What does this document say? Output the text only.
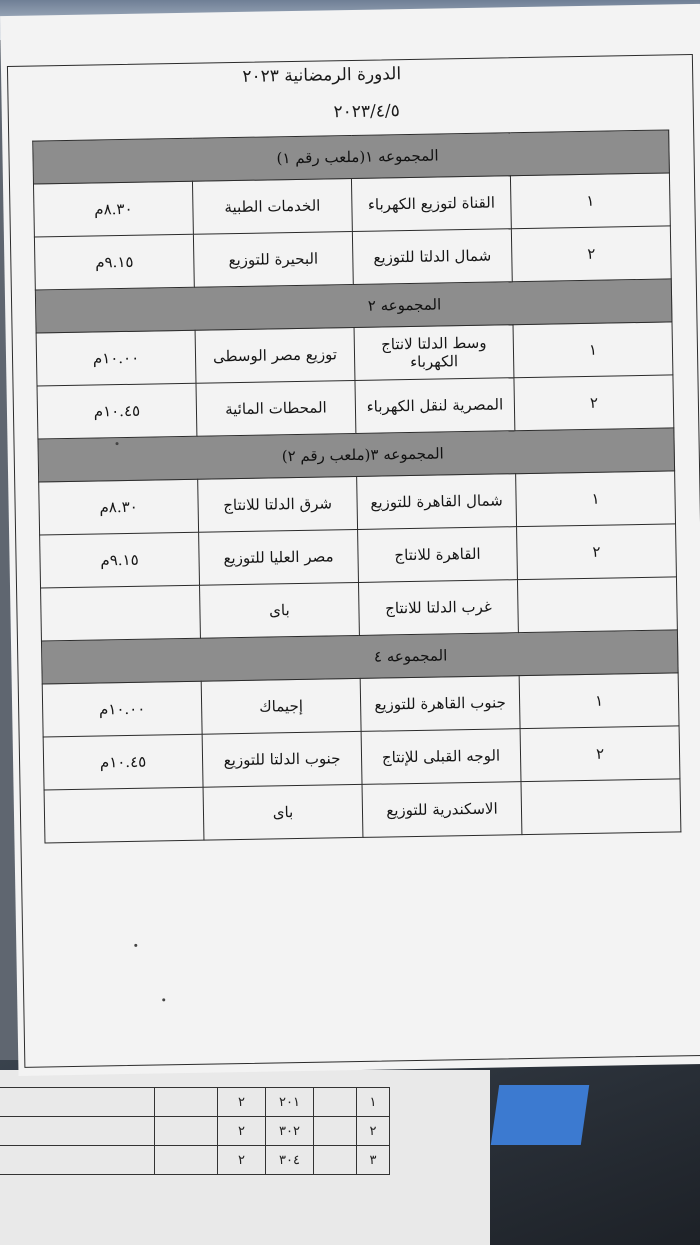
١		٢٠١	٢		
٢		٣٠٢	٢		
٣		٣٠٤	٢		
الدورة الرمضانية ٢٠٢٣
٢٠٢٣/٤/٥
المجموعه ١(ملعب رقم ١)			
١	القناة لتوزيع الكهرباء	الخدمات الطبية	٨.٣٠م
٢	شمال الدلتا للتوزيع	البحيرة للتوزيع	٩.١٥م
المجموعه ٢			
١	وسط الدلتا لانتاج الكهرباء	توزيع مصر الوسطى	١٠.٠٠م
٢	المصرية لنقل الكهرباء	المحطات المائية	١٠.٤٥م
المجموعه ٣(ملعب رقم ٢)			
١	شمال القاهرة للتوزيع	شرق الدلتا للانتاج	٨.٣٠م
٢	القاهرة للانتاج	مصر العليا للتوزيع	٩.١٥م
	غرب الدلتا للانتاج	باى	
المجموعه ٤			
١	جنوب القاهرة للتوزيع	إجيماك	١٠.٠٠م
٢	الوجه القبلى للإنتاج	جنوب الدلتا للتوزيع	١٠.٤٥م
	الاسكندرية للتوزيع	باى	
